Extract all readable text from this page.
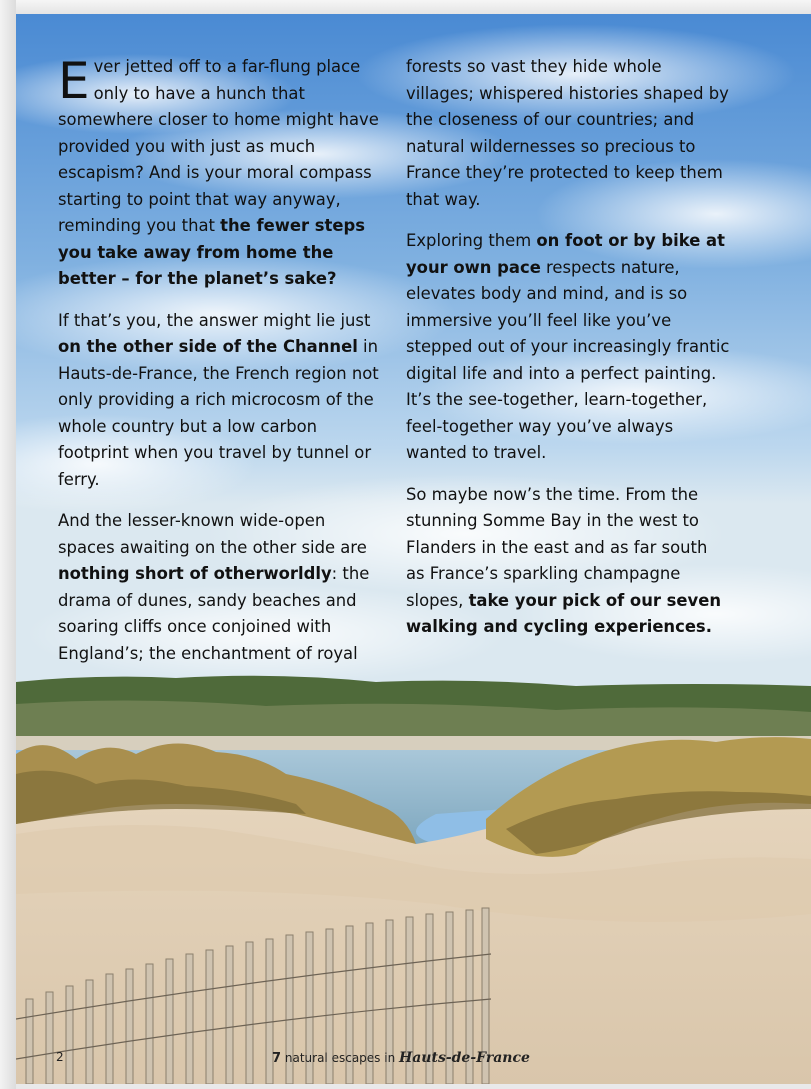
Ever jetted off to a far-flung place only to have a hunch that somewhere closer to home might have provided you with just as much escapism? And is your moral compass starting to point that way anyway, reminding you that the fewer steps you take away from home the better – for the planet’s sake?

If that’s you, the answer might lie just on the other side of the Channel in Hauts-de-France, the French region not only providing a rich microcosm of the whole country but a low carbon footprint when you travel by tunnel or ferry.

And the lesser-known wide-open spaces awaiting on the other side are nothing short of otherworldly: the drama of dunes, sandy beaches and soaring cliffs once conjoined with England’s; the enchantment of royal

forests so vast they hide whole villages; whispered histories shaped by the closeness of our countries; and natural wildernesses so precious to France they’re protected to keep them that way.

Exploring them on foot or by bike at your own pace respects nature, elevates body and mind, and is so immersive you’ll feel like you’ve stepped out of your increasingly frantic digital life and into a perfect painting. It’s the see-together, learn-together, feel-together way you’ve always wanted to travel.

So maybe now’s the time. From the stunning Somme Bay in the west to Flanders in the east and as far south as France’s sparkling champagne slopes, take your pick of our seven walking and cycling experiences.

2	7 natural escapes in Hauts-de-France
